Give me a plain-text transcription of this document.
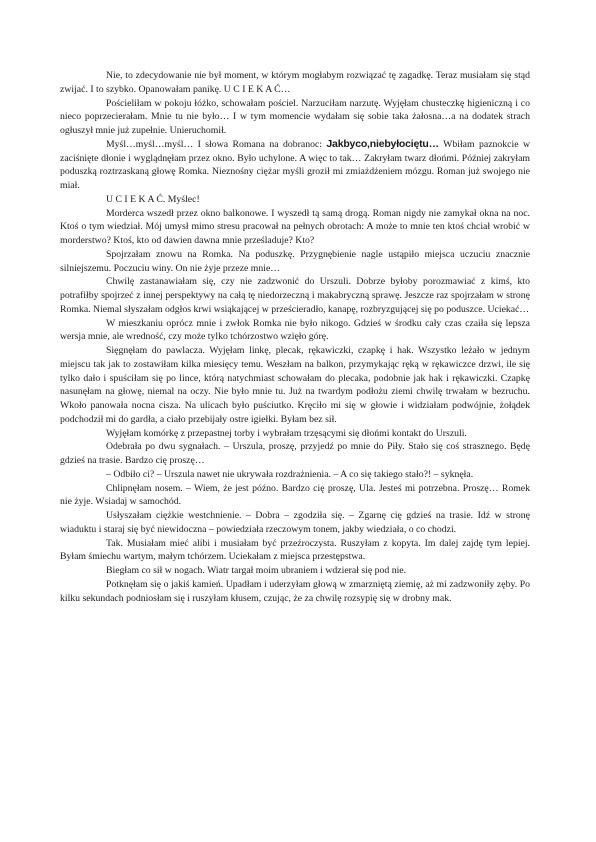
Nie, to zdecydowanie nie był moment, w którym mogłabym rozwiązać tę zagadkę. Teraz musiałam się stąd zwijać. I to szybko. Opanowałam panikę. U C I E K A Ć…

Pościeliłam w pokoju łóżko, schowałam pościel. Narzuciłam narzutę. Wyjęłam chusteczkę higieniczną i co nieco poprzecierałam. Mnie tu nie było… I w tym momencie wydałam się sobie taka żałosna…a na dodatek strach ogłuszył mnie już zupełnie. Unieruchomił.

Myśl…myśl…myśl… I słowa Romana na dobranoc: Jakbyco,niebyłociętu… Wbiłam paznokcie w zaciśnięte dłonie i wyglądnęłam przez okno. Było uchylone. A więc to tak… Zakryłam twarz dłońmi. Później zakryłam poduszką roztrzaskaną głowę Romka. Nieznośny ciężar myśli groził mi zmiażdżeniem mózgu. Roman już swojego nie miał.

U C I E K A Ć. Myślec!

Morderca wszedł przez okno balkonowe. I wyszedł tą samą drogą. Roman nigdy nie zamykał okna na noc. Ktoś o tym wiedział. Mój umysł mimo stresu pracował na pełnych obrotach: A może to mnie ten ktoś chciał wrobić w morderstwo? Ktoś, kto od dawien dawna mnie prześladuje? Kto?

Spojrzałam znowu na Romka. Na poduszkę. Przygnębienie nagle ustąpiło miejsca uczuciu znacznie silniejszemu. Poczuciu winy. On nie żyje przeze mnie…

Chwilę zastanawiałam się, czy nie zadzwonić do Urszuli. Dobrze byłoby porozmawiać z kimś, kto potrafiłby spojrzeć z innej perspektywy na całą tę niedorzeczną i makabryczną sprawę. Jeszcze raz spojrzałam w stronę Romka. Niemal słyszałam odgłos krwi wsiąkającej w prześcieradło, kanapę, rozbryzgującej się po poduszce. Uciekać…

W mieszkaniu oprócz mnie i zwłok Romka nie było nikogo. Gdzieś w środku cały czas czaiła się lepsza wersja mnie, ale wredność, czy może tylko tchórzostwo wzięło górę.

Sięgnęłam do pawlacza. Wyjęłam linkę, plecak, rękawiczki, czapkę i hak. Wszystko leżało w jednym miejscu tak jak to zostawiłam kilka miesięcy temu. Weszłam na balkon, przymykając ręką w rękawiczce drzwi, ile się tylko dało i spuściłam się po lince, którą natychmiast schowałam do plecaka, podobnie jak hak i rękawiczki. Czapkę nasunęłam na głowę, niemal na oczy. Nie było mnie tu. Już na twardym podłożu ziemi chwilę trwałam w bezruchu. Wkoło panowała nocna cisza. Na ulicach było puściutko. Kręciło mi się w głowie i widziałam podwójnie, żołądek podchodził mi do gardła, a ciało przebijały ostre igiełki. Byłam bez sił.

Wyjęłam komórkę z przepastnej torby i wybrałam trzęsącymi się dłońmi kontakt do Urszuli.

Odebrała po dwu sygnałach. – Urszula, proszę, przyjedź po mnie do Piły. Stało się coś strasznego. Będę gdzieś na trasie. Bardzo cię proszę…

– Odbiło ci? – Urszula nawet nie ukrywała rozdrażnienia. – A co się takiego stało?! – syknęła.

Chlipnęłam nosem. – Wiem, że jest późno. Bardzo cię proszę, Ula. Jesteś mi potrzebna. Proszę… Romek nie żyje. Wsiadaj w samochód.

Usłyszałam ciężkie westchnienie. – Dobra – zgodziła się. – Zgarnę cię gdzieś na trasie. Idź w stronę wiaduktu i staraj się być niewidoczna – powiedziała rzeczowym tonem, jakby wiedziała, o co chodzi.

Tak. Musiałam mieć alibi i musiałam być przeźroczysta. Ruszyłam z kopyta. Im dalej zajdę tym lepiej. Byłam śmiechu wartym, małym tchórzem. Uciekałam z miejsca przestępstwa.

Biegłam co sił w nogach. Wiatr targał moim ubraniem i wdzierał się pod nie.

Potknęłam się o jakiś kamień. Upadłam i uderzyłam głową w zmarzniętą ziemię, aż mi zadzwoniły zęby. Po kilku sekundach podniosłam się i ruszyłam kłusem, czując, że za chwilę rozsypię się w drobny mak.
